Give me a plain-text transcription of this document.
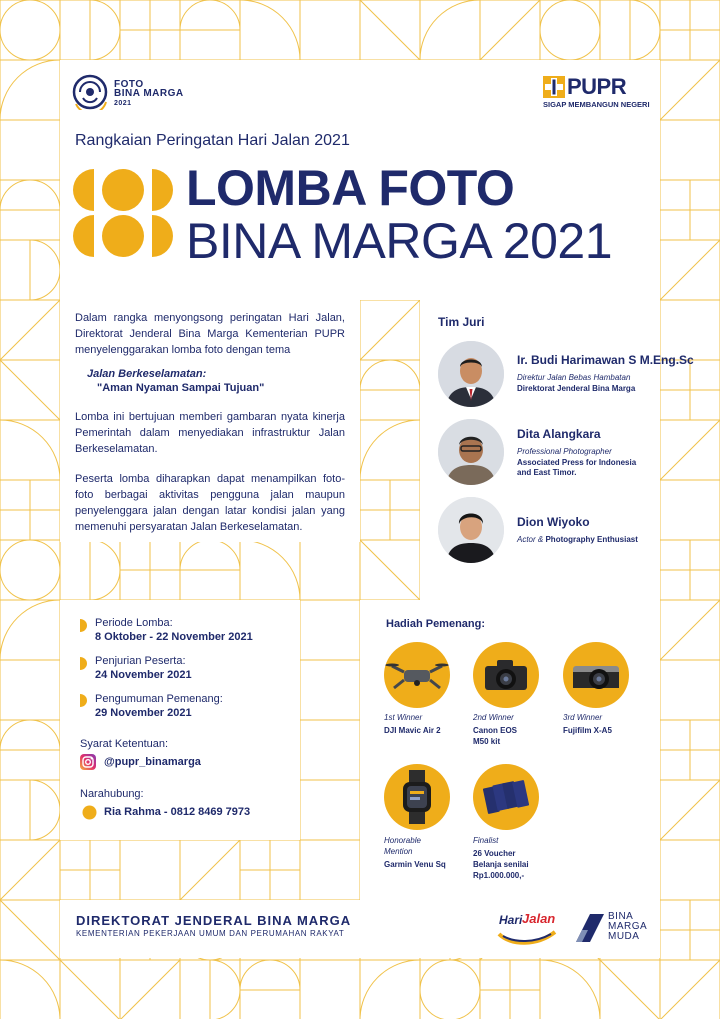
FOTO
BINA MARGA
2021
PUPR
SIGAP MEMBANGUN NEGERI
Rangkaian Peringatan Hari Jalan 2021
LOMBA FOTO
BINA MARGA 2021
Dalam rangka menyongsong peringatan Hari Jalan, Direktorat Jenderal Bina Marga Kementerian PUPR menyelenggarakan lomba foto dengan tema
Jalan Berkeselamatan:
"Aman Nyaman Sampai Tujuan"
Lomba ini bertujuan memberi gambaran nyata kinerja Pemerintah dalam menyediakan infrastruktur Jalan Berkeselamatan.
Peserta lomba diharapkan dapat menampilkan foto-foto berbagai aktivitas pengguna jalan maupun penyelenggara jalan dengan latar kondisi jalan yang memenuhi persyaratan Jalan Berkeselamatan.
Tim Juri
Ir. Budi Harimawan S M.Eng.Sc
Direktur Jalan Bebas Hambatan
Direktorat Jenderal Bina Marga
Dita Alangkara
Professional Photographer
Associated Press for Indonesia
and East Timor.
Dion Wiyoko
Actor & Photography Enthusiast
Periode Lomba:
8 Oktober - 22 November 2021
Penjurian Peserta:
24 November 2021
Pengumuman Pemenang:
29 November 2021
Syarat Ketentuan:
@pupr_binamarga
Narahubung:
Ria Rahma - 0812 8469 7973
Hadiah Pemenang:
1st Winner
DJI Mavic Air 2
2nd Winner
Canon EOS
M50 kit
3rd Winner
Fujifilm X-A5
Honorable
Mention
Garmin Venu Sq
Finalist
26 Voucher
Belanja senilai
Rp1.000.000,-
DIREKTORAT JENDERAL BINA MARGA
KEMENTERIAN PEKERJAAN UMUM DAN PERUMAHAN RAKYAT
Hari Jalan	BINA
MARGA
MUDA
